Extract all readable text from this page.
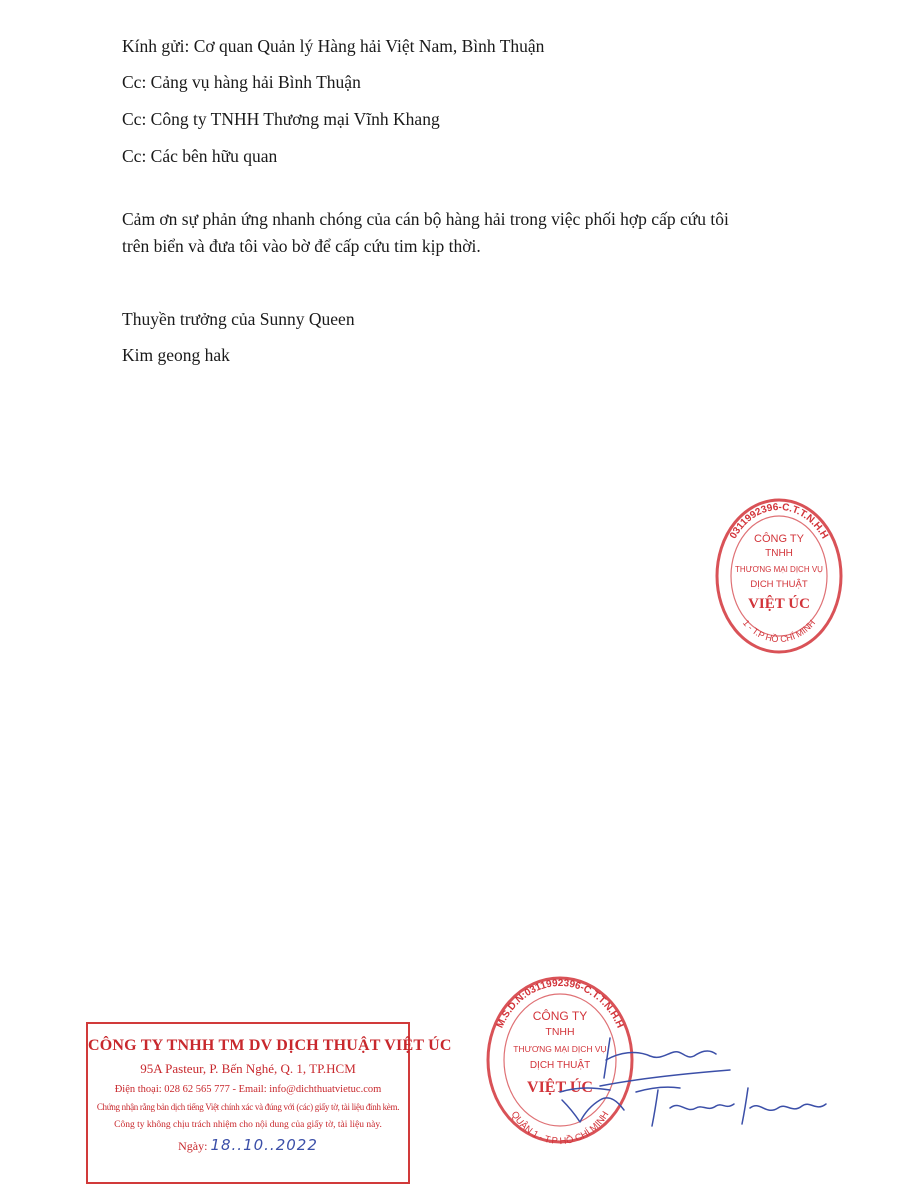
Kính gửi: Cơ quan Quản lý Hàng hải Việt Nam, Bình Thuận
Cc: Cảng vụ hàng hải Bình Thuận
Cc: Công ty TNHH Thương mại Vĩnh Khang
Cc: Các bên hữu quan
Cảm ơn sự phản ứng nhanh chóng của cán bộ hàng hải trong việc phối hợp cấp cứu tôi
trên biển và đưa tôi vào bờ để cấp cứu tim kịp thời.
Thuyền trưởng của Sunny Queen
Kim geong hak
0311992396-C.T.T.N.H.H
1 - T.P HỒ CHÍ MINH
CÔNG TY
TNHH
THƯƠNG MẠI DỊCH VỤ
DỊCH THUẬT
VIỆT ÚC
CÔNG TY TNHH TM DV DỊCH THUẬT VIỆT ÚC
95A Pasteur, P. Bến Nghé, Q. 1, TP.HCM
Điện thoại: 028 62 565 777 - Email: info@dichthuatvietuc.com
Chứng nhận rằng bản dịch tiếng Việt chính xác và đúng với (các) giấy tờ, tài liệu đính kèm.
Công ty không chịu trách nhiệm cho nội dung của giấy tờ, tài liệu này.
Ngày: 18..10..2022
M.S.D.N:0311992396-C.T.T.N.H.H
QUẬN 1 - T.P HỒ CHÍ MINH
CÔNG TY
TNHH
THƯƠNG MẠI DỊCH VỤ
DỊCH THUẬT
VIỆT ÚC
